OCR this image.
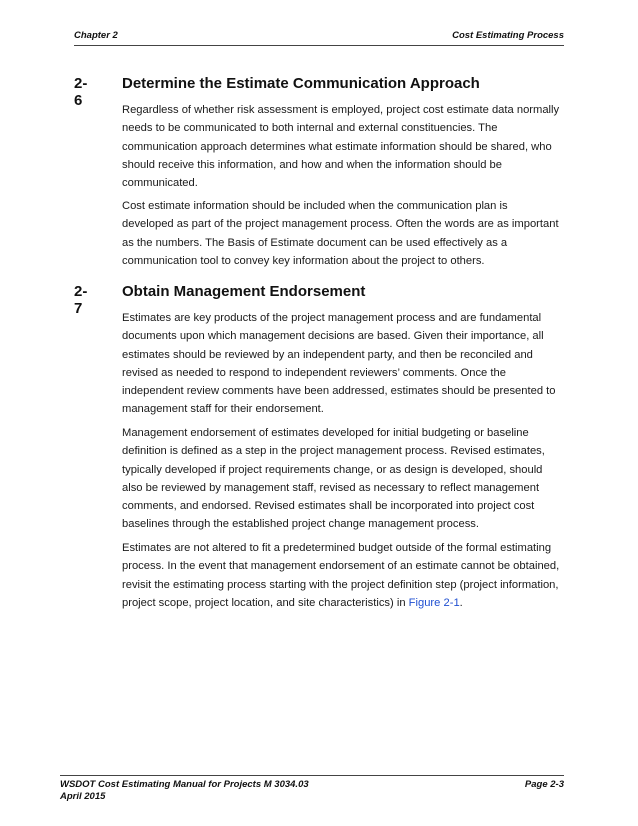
Chapter 2	Cost Estimating Process
2-6
Determine the Estimate Communication Approach

Regardless of whether risk assessment is employed, project cost estimate data normally needs to be communicated to both internal and external constituencies. The communication approach determines what estimate information should be shared, who should receive this information, and how and when the information should be communicated.

Cost estimate information should be included when the communication plan is developed as part of the project management process. Often the words are as important as the numbers. The Basis of Estimate document can be used effectively as a communication tool to convey key information about the project to others.

2-7
Obtain Management Endorsement

Estimates are key products of the project management process and are fundamental documents upon which management decisions are based. Given their importance, all estimates should be reviewed by an independent party, and then be reconciled and revised as needed to respond to independent reviewers’ comments. Once the independent review comments have been addressed, estimates should be presented to management staff for their endorsement.

Management endorsement of estimates developed for initial budgeting or baseline definition is defined as a step in the project management process. Revised estimates, typically developed if project requirements change, or as design is developed, should also be reviewed by management staff, revised as necessary to reflect management comments, and endorsed. Revised estimates shall be incorporated into project cost baselines through the established project change management process.

Estimates are not altered to fit a predetermined budget outside of the formal estimating process. In the event that management endorsement of an estimate cannot be obtained, revisit the estimating process starting with the project definition step (project information, project scope, project location, and site characteristics) in Figure 2-1.

WSDOT Cost Estimating Manual for Projects M 3034.03
April 2015
Page 2-3
